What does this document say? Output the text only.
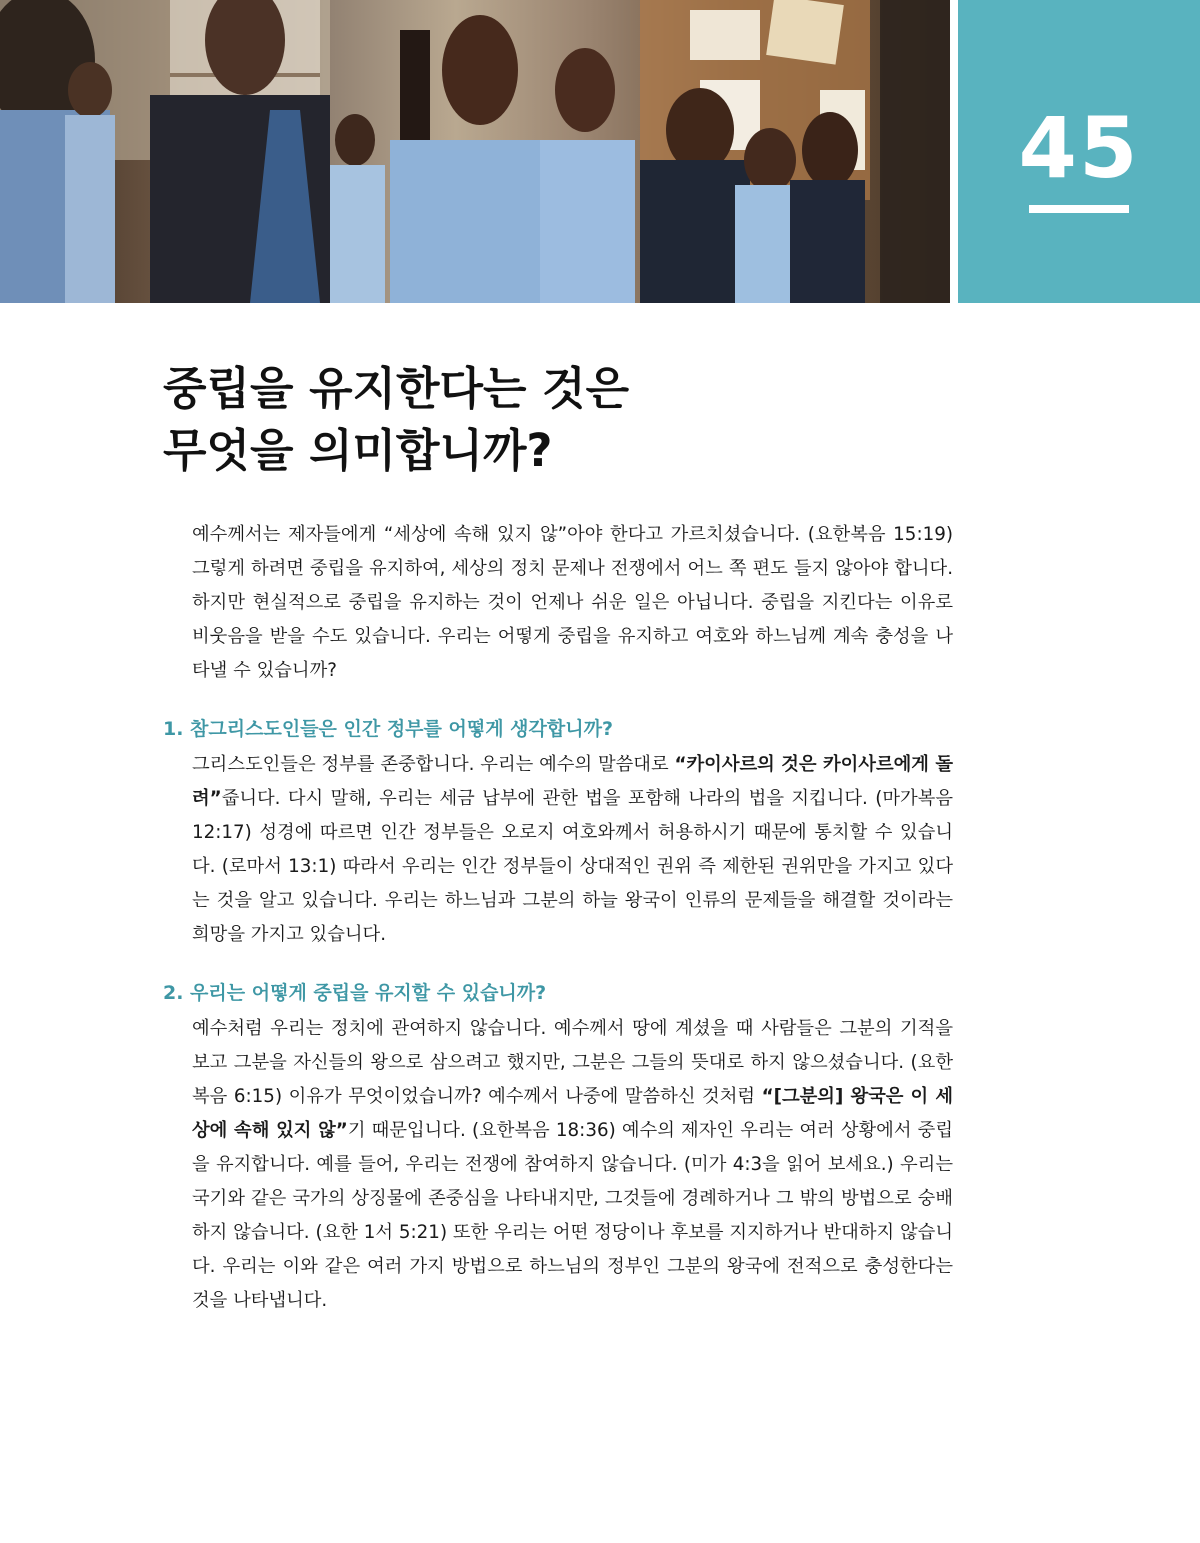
45
중립을 유지한다는 것은
무엇을 의미합니까?

예수께서는 제자들에게 “세상에 속해 있지 않”아야 한다고 가르치셨습니다. (요한복음 15:19) 그렇게 하려면 중립을 유지하여, 세상의 정치 문제나 전쟁에서 어느 쪽 편도 들지 않아야 합니다. 하지만 현실적으로 중립을 유지하는 것이 언제나 쉬운 일은 아닙니다. 중립을 지킨다는 이유로 비웃음을 받을 수도 있습니다. 우리는 어떻게 중립을 유지하고 여호와 하느님께 계속 충성을 나타낼 수 있습니까?

1. 참그리스도인들은 인간 정부를 어떻게 생각합니까?

그리스도인들은 정부를 존중합니다. 우리는 예수의 말씀대로 “카이사르의 것은 카이사르에게 돌려”줍니다. 다시 말해, 우리는 세금 납부에 관한 법을 포함해 나라의 법을 지킵니다. (마가복음 12:17) 성경에 따르면 인간 정부들은 오로지 여호와께서 허용하시기 때문에 통치할 수 있습니다. (로마서 13:1) 따라서 우리는 인간 정부들이 상대적인 권위 즉 제한된 권위만을 가지고 있다는 것을 알고 있습니다. 우리는 하느님과 그분의 하늘 왕국이 인류의 문제들을 해결할 것이라는 희망을 가지고 있습니다.

2. 우리는 어떻게 중립을 유지할 수 있습니까?

예수처럼 우리는 정치에 관여하지 않습니다. 예수께서 땅에 계셨을 때 사람들은 그분의 기적을 보고 그분을 자신들의 왕으로 삼으려고 했지만, 그분은 그들의 뜻대로 하지 않으셨습니다. (요한복음 6:15) 이유가 무엇이었습니까? 예수께서 나중에 말씀하신 것처럼 “[그분의] 왕국은 이 세상에 속해 있지 않”기 때문입니다. (요한복음 18:36) 예수의 제자인 우리는 여러 상황에서 중립을 유지합니다. 예를 들어, 우리는 전쟁에 참여하지 않습니다. (미가 4:3을 읽어 보세요.) 우리는 국기와 같은 국가의 상징물에 존중심을 나타내지만, 그것들에 경례하거나 그 밖의 방법으로 숭배하지 않습니다. (요한 1서 5:21) 또한 우리는 어떤 정당이나 후보를 지지하거나 반대하지 않습니다. 우리는 이와 같은 여러 가지 방법으로 하느님의 정부인 그분의 왕국에 전적으로 충성한다는 것을 나타냅니다.
